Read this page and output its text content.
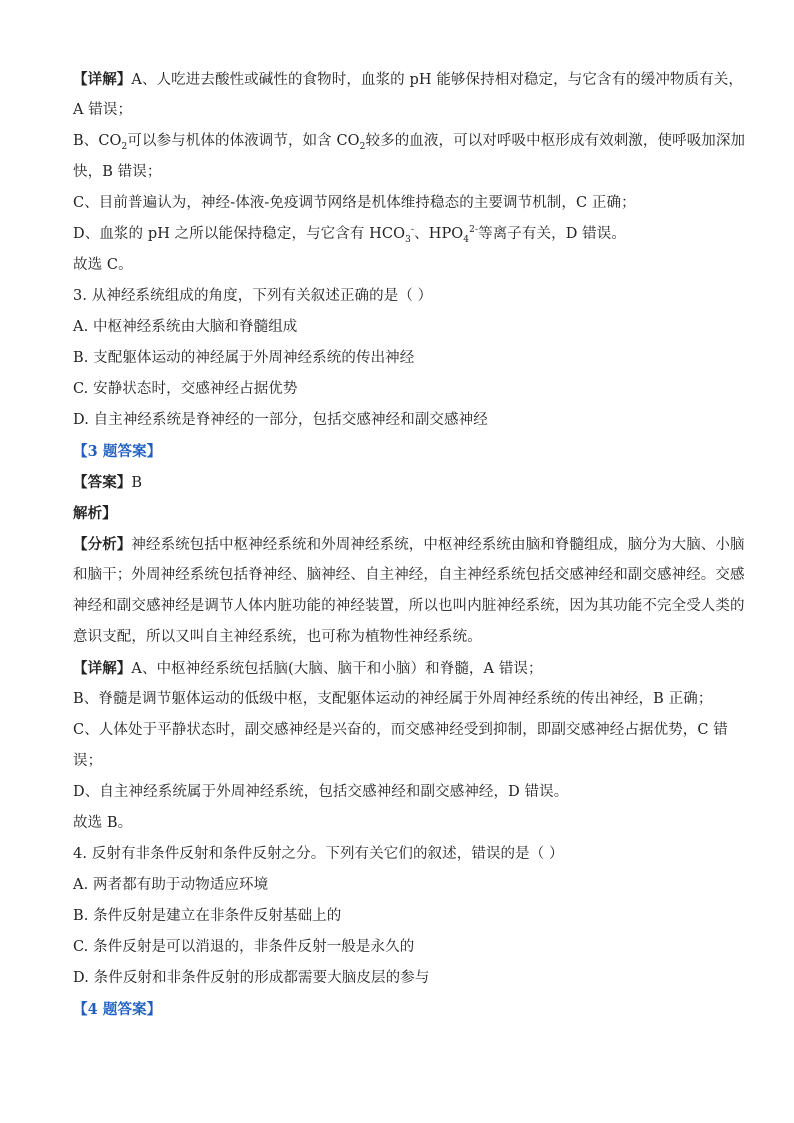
【详解】A、人吃进去酸性或碱性的食物时，血浆的 pH 能够保持相对稳定，与它含有的缓冲物质有关，
A 错误；
B、$CO_2$可以参与机体的体液调节，如含 $CO_2$较多的血液，可以对呼吸中枢形成有效刺激，使呼吸加深加
快，B 错误；
C、目前普遍认为，神经-体液-免疫调节网络是机体维持稳态的主要调节机制，C 正确；
D、血浆的 pH 之所以能保持稳定，与它含有 $HCO_3^-$、$HPO_4^{2-}$等离子有关，D 错误。
故选 C。
3. 从神经系统组成的角度，下列有关叙述正确的是（ ）
A. 中枢神经系统由大脑和脊髓组成
B. 支配躯体运动的神经属于外周神经系统的传出神经
C. 安静状态时，交感神经占据优势
D. 自主神经系统是脊神经的一部分，包括交感神经和副交感神经
【3 题答案】
【答案】B
解析】
【分析】神经系统包括中枢神经系统和外周神经系统，中枢神经系统由脑和脊髓组成，脑分为大脑、小脑
和脑干；外周神经系统包括脊神经、脑神经、自主神经，自主神经系统包括交感神经和副交感神经。交感
神经和副交感神经是调节人体内脏功能的神经装置，所以也叫内脏神经系统，因为其功能不完全受人类的
意识支配，所以又叫自主神经系统，也可称为植物性神经系统。
【详解】A、中枢神经系统包括脑(大脑、脑干和小脑）和脊髓，A 错误；
B、脊髓是调节躯体运动的低级中枢，支配躯体运动的神经属于外周神经系统的传出神经，B 正确；
C、人体处于平静状态时，副交感神经是兴奋的，而交感神经受到抑制，即副交感神经占据优势，C 错
误；
D、自主神经系统属于外周神经系统，包括交感神经和副交感神经，D 错误。
故选 B。
4. 反射有非条件反射和条件反射之分。下列有关它们的叙述，错误的是（ ）
A. 两者都有助于动物适应环境
B. 条件反射是建立在非条件反射基础上的
C. 条件反射是可以消退的，非条件反射一般是永久的
D. 条件反射和非条件反射的形成都需要大脑皮层的参与
【4 题答案】
